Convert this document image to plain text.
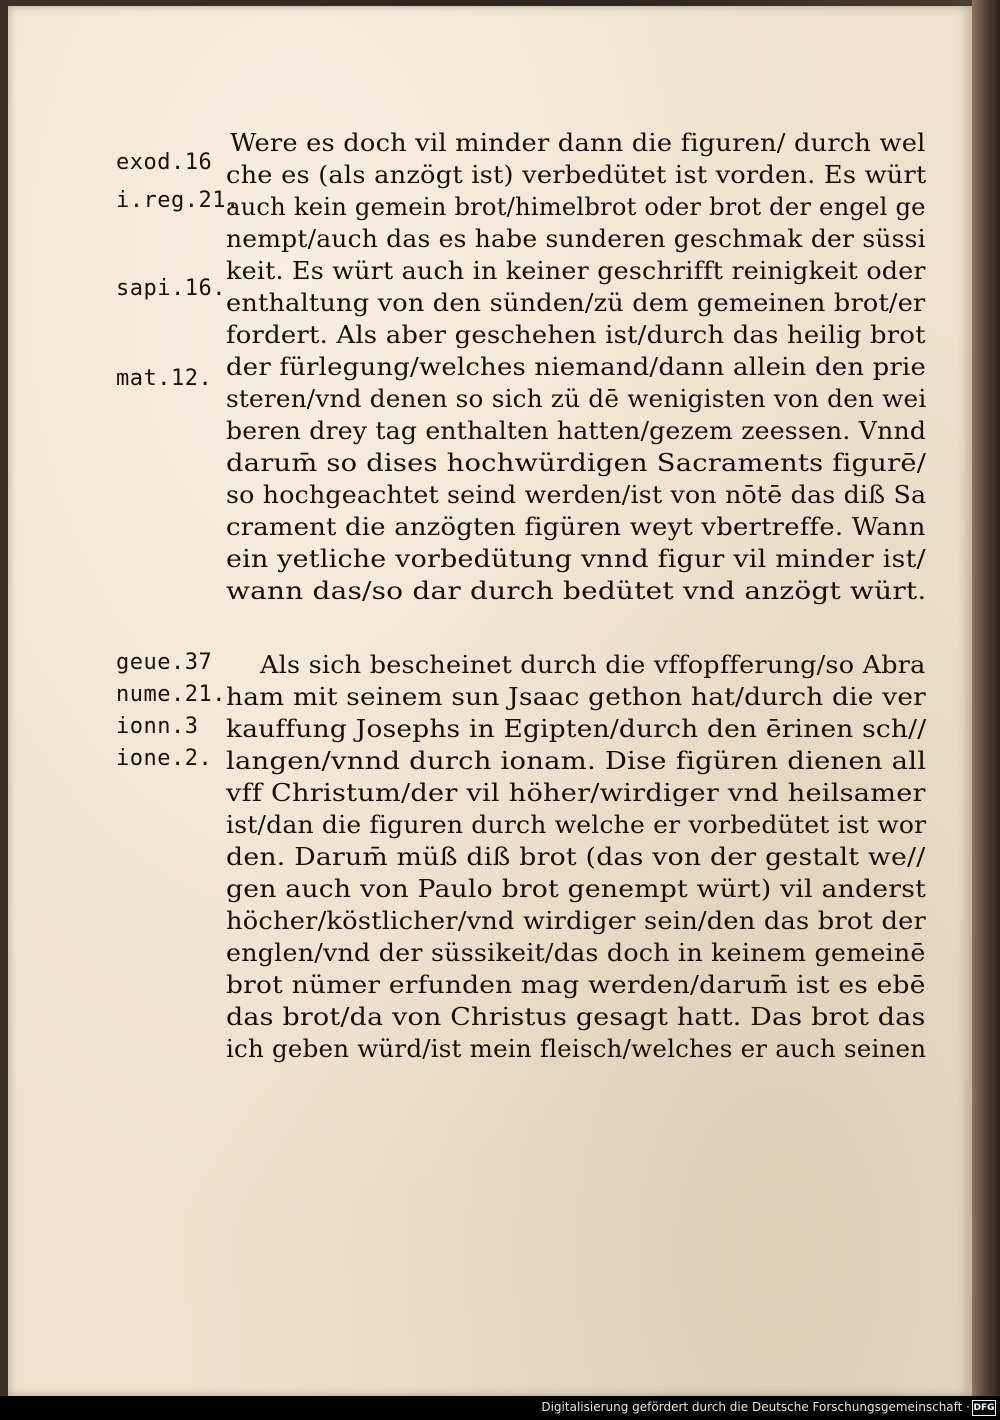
exod.16
i.reg.21.
sapi.16.
mat.12.
geue.37
nume.21.
ionn.3
ione.2.
Were es doch vil minder dann die figuren/ durch wel
che es (als anzögt ist) verbedütet ist vorden. Es würt
auch kein gemein brot/himelbrot oder brot der engel ge
nempt/auch das es habe sunderen geschmak der süssi
keit. Es würt auch in keiner geschrifft reinigkeit oder
enthaltung von den sünden/zü dem gemeinen brot/er
fordert. Als aber geschehen ist/durch das heilig brot
der fürlegung/welches niemand/dann allein den prie
steren/vnd denen so sich zü dē wenigisten von den wei
beren drey tag enthalten hatten/gezem zeessen. Vnnd
darum̄ so dises hochwürdigen Sacraments figurē/
so hochgeachtet seind werden/ist von nōtē das diß Sa
crament die anzögten figüren weyt vbertreffe. Wann
ein yetliche vorbedütung vnnd figur vil minder ist/
wann das/so dar durch bedütet vnd anzögt würt.
Als sich bescheinet durch die vffopfferung/so Abra
ham mit seinem sun Jsaac gethon hat/durch die ver
kauffung Josephs in Egipten/durch den ērinen sch//
langen/vnnd durch ionam. Dise figüren dienen all
vff Christum/der vil höher/wirdiger vnd heilsamer
ist/dan die figuren durch welche er vorbedütet ist wor
den. Darum̄ müß diß brot (das von der gestalt we//
gen auch von Paulo brot genempt würt) vil anderst
höcher/köstlicher/vnd wirdiger sein/den das brot der
englen/vnd der süssikeit/das doch in keinem gemeinē
brot nümer erfunden mag werden/darum̄ ist es ebē
das brot/da von Christus gesagt hatt. Das brot das
ich geben würd/ist mein fleisch/welches er auch seinen
Digitalisierung gefördert durch die Deutsche Forschungsgemeinschaft · DFG
